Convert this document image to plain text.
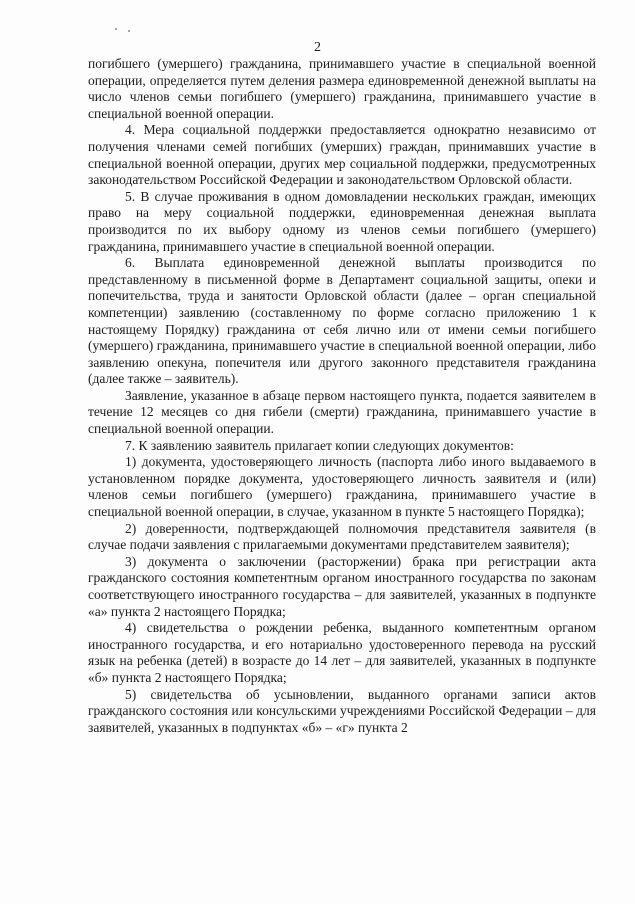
2

погибшего (умершего) гражданина, принимавшего участие в специальной военной операции, определяется путем деления размера единовременной денежной выплаты на число членов семьи погибшего (умершего) гражданина, принимавшего участие в специальной военной операции.

4. Мера социальной поддержки предоставляется однократно независимо от получения членами семей погибших (умерших) граждан, принимавших участие в специальной военной операции, других мер социальной поддержки, предусмотренных законодательством Российской Федерации и законодательством Орловской области.

5. В случае проживания в одном домовладении нескольких граждан, имеющих право на меру социальной поддержки, единовременная денежная выплата производится по их выбору одному из членов семьи погибшего (умершего) гражданина, принимавшего участие в специальной военной операции.

6. Выплата единовременной денежной выплаты производится по представленному в письменной форме в Департамент социальной защиты, опеки и попечительства, труда и занятости Орловской области (далее – орган специальной компетенции) заявлению (составленному по форме согласно приложению 1 к настоящему Порядку) гражданина от себя лично или от имени семьи погибшего (умершего) гражданина, принимавшего участие в специальной военной операции, либо заявлению опекуна, попечителя или другого законного представителя гражданина (далее также – заявитель).

Заявление, указанное в абзаце первом настоящего пункта, подается заявителем в течение 12 месяцев со дня гибели (смерти) гражданина, принимавшего участие в специальной военной операции.

7. К заявлению заявитель прилагает копии следующих документов:

1) документа, удостоверяющего личность (паспорта либо иного выдаваемого в установленном порядке документа, удостоверяющего личность заявителя и (или) членов семьи погибшего (умершего) гражданина, принимавшего участие в специальной военной операции, в случае, указанном в пункте 5 настоящего Порядка);

2) доверенности, подтверждающей полномочия представителя заявителя (в случае подачи заявления с прилагаемыми документами представителем заявителя);

3) документа о заключении (расторжении) брака при регистрации акта гражданского состояния компетентным органом иностранного государства по законам соответствующего иностранного государства – для заявителей, указанных в подпункте «а» пункта 2 настоящего Порядка;

4) свидетельства о рождении ребенка, выданного компетентным органом иностранного государства, и его нотариально удостоверенного перевода на русский язык на ребенка (детей) в возрасте до 14 лет – для заявителей, указанных в подпункте «б» пункта 2 настоящего Порядка;

5) свидетельства об усыновлении, выданного органами записи актов гражданского состояния или консульскими учреждениями Российской Федерации – для заявителей, указанных в подпунктах «б» – «г» пункта 2
